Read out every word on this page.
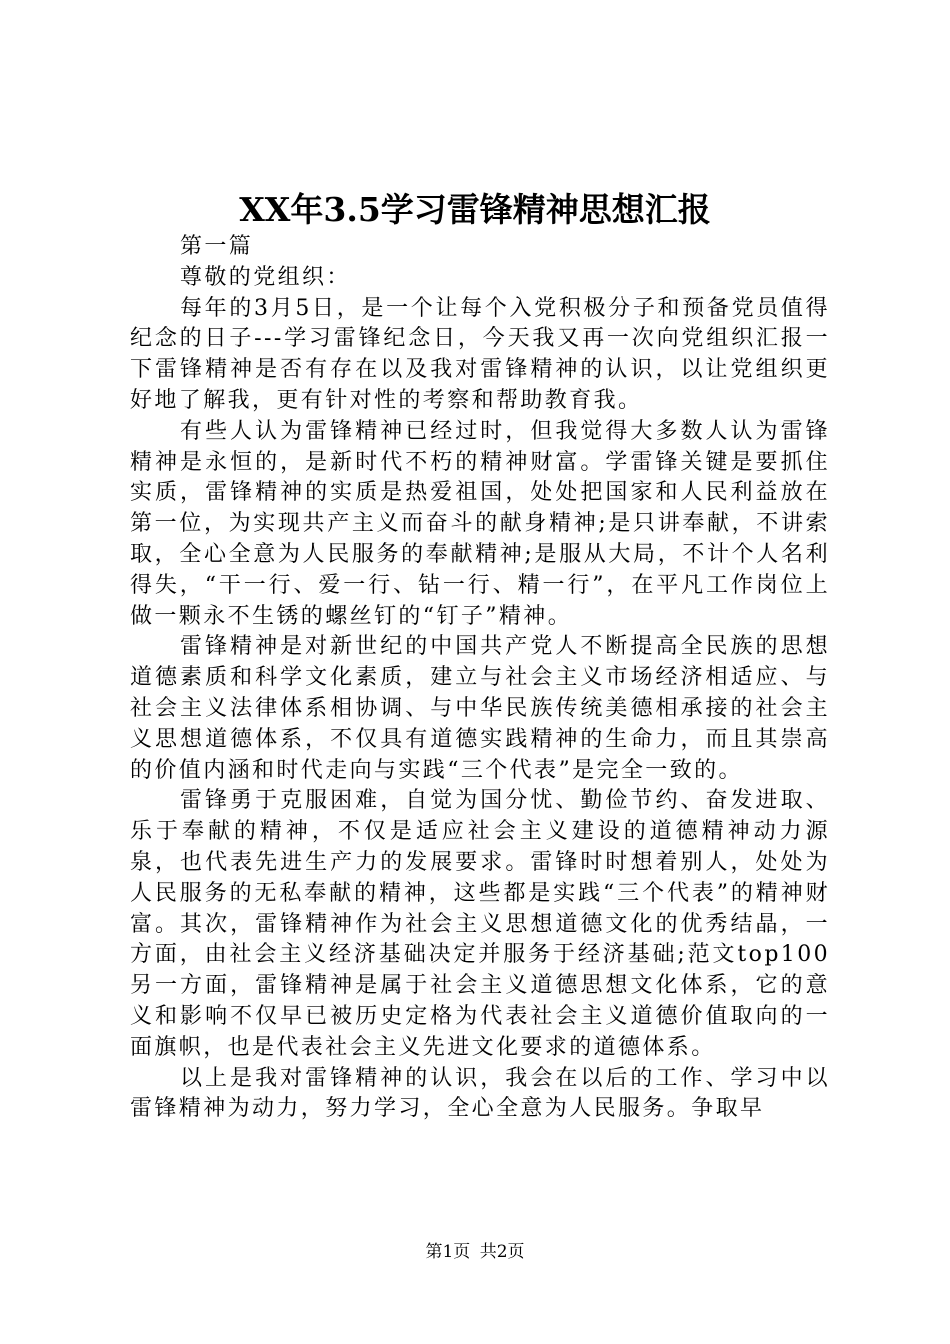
XX年3.5学习雷锋精神思想汇报

第一篇

尊敬的党组织：

每年的3月5日，是一个让每个入党积极分子和预备党员值得纪念的日子---学习雷锋纪念日，今天我又再一次向党组织汇报一下雷锋精神是否有存在以及我对雷锋精神的认识，以让党组织更好地了解我，更有针对性的考察和帮助教育我。

有些人认为雷锋精神已经过时，但我觉得大多数人认为雷锋精神是永恒的，是新时代不朽的精神财富。学雷锋关键是要抓住实质，雷锋精神的实质是热爱祖国，处处把国家和人民利益放在第一位，为实现共产主义而奋斗的献身精神;是只讲奉献，不讲索取，全心全意为人民服务的奉献精神;是服从大局，不计个人名利得失，“干一行、爱一行、钻一行、精一行”，在平凡工作岗位上做一颗永不生锈的螺丝钉的“钉子”精神。

雷锋精神是对新世纪的中国共产党人不断提高全民族的思想道德素质和科学文化素质，建立与社会主义市场经济相适应、与社会主义法律体系相协调、与中华民族传统美德相承接的社会主义思想道德体系，不仅具有道德实践精神的生命力，而且其崇高的价值内涵和时代走向与实践“三个代表”是完全一致的。

雷锋勇于克服困难，自觉为国分忧、勤俭节约、奋发进取、乐于奉献的精神，不仅是适应社会主义建设的道德精神动力源泉，也代表先进生产力的发展要求。雷锋时时想着别人，处处为人民服务的无私奉献的精神，这些都是实践“三个代表”的精神财富。其次，雷锋精神作为社会主义思想道德文化的优秀结晶，一方面，由社会主义经济基础决定并服务于经济基础;范文top100另一方面，雷锋精神是属于社会主义道德思想文化体系，它的意义和影响不仅早已被历史定格为代表社会主义道德价值取向的一面旗帜，也是代表社会主义先进文化要求的道德体系。

以上是我对雷锋精神的认识，我会在以后的工作、学习中以雷锋精神为动力，努力学习，全心全意为人民服务。争取早

第1页 共2页
